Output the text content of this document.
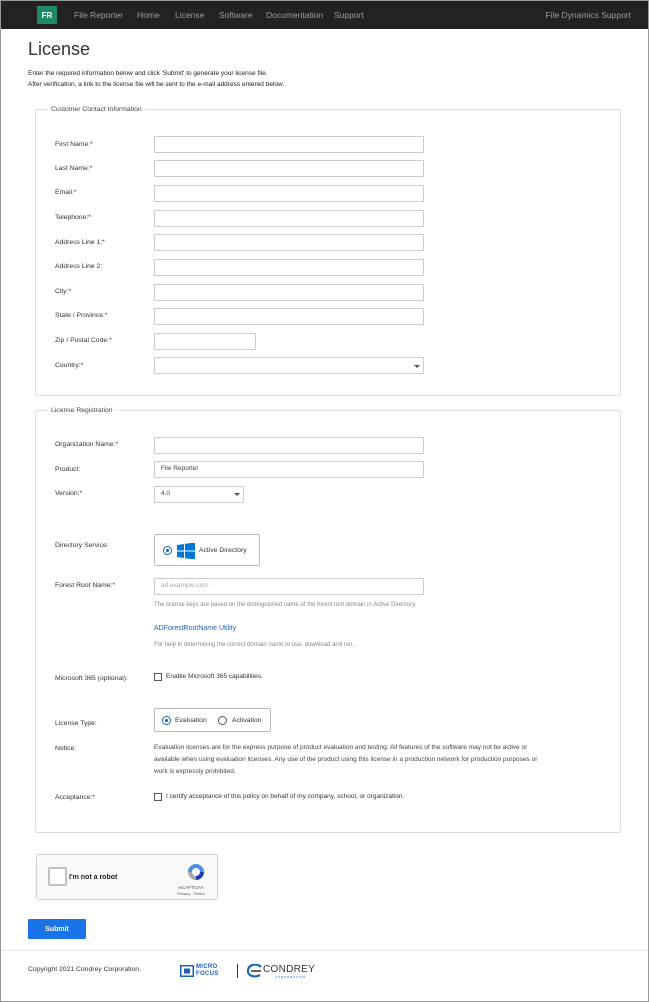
FR	File Reporter Home License Software Documentation Support	File Dynamics Support
License
Enter the required information below and click 'Submit' to generate your license file.
After verification, a link to the license file will be sent to the e-mail address entered below.
Customer Contact Information
First Name:*
Last Name:*
Email:*
Telephone:*
Address Line 1:*
Address Line 2:
City:*
State / Province:*
Zip / Postal Code:*
Country:*
License Registration
Organization Name:*
Product:	File Reporter
Version:*	4.0
Directory Service:
Active Directory
Forest Root Name:*	ad.example.com
The license keys are based on the distinguished name of the forest root domain in Active Directory.
ADForestRootName Utility
For help in determining the correct domain name to use, download and run.
Microsoft 365 (optional):	Enable Microsoft 365 capabilities.
License Type:	Evaluation	Activation
Notice:	Evaluation licenses are for the express purpose of product evaluation and testing. All features of the software may not be active or available when using evaluation licenses. Any use of the product using this license in a production network for production purposes or work is expressly prohibited.
Acceptance:*	I certify acceptance of this policy on behalf of my company, school, or organization.
I'm not a robot
reCAPTCHA
Privacy - Terms
Submit
Copyright 2021 Condrey Corporation.	MICRO
FOCUS	CONDREY
CORPORATION
